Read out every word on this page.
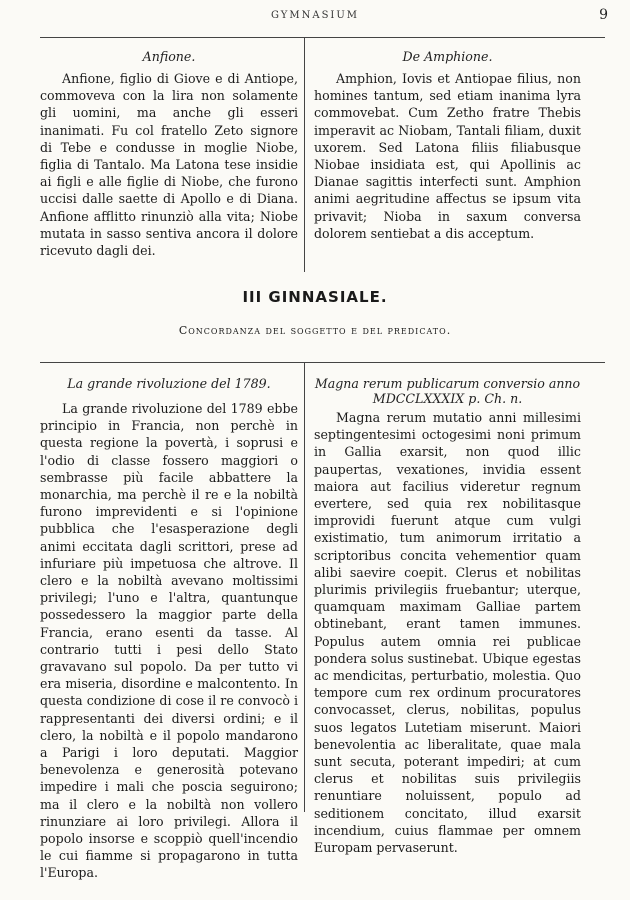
GYMNASIUM	9
Anfione.

Anfione, figlio di Giove e di Antiope, commoveva con la lira non solamente gli uomini, ma anche gli esseri inanimati. Fu col fratello Zeto signore di Tebe e condusse in moglie Niobe, figlia di Tantalo. Ma Latona tese insidie ai figli e alle figlie di Niobe, che furono uccisi dalle saette di Apollo e di Diana. Anfione afflitto rinunziò alla vita; Niobe mutata in sasso sentiva ancora il dolore ricevuto dagli dei.

De Amphione.

Amphion, Iovis et Antiopae filius, non homines tantum, sed etiam inanima lyra commovebat. Cum Zetho fratre Thebis imperavit ac Niobam, Tantali filiam, duxit uxorem. Sed Latona filiis filiabusque Niobae insidiata est, qui Apollinis ac Dianae sagittis interfecti sunt. Amphion animi aegritudine affectus se ipsum vita privavit; Nioba in saxum conversa dolorem sentiebat a dis acceptum.

III GINNASIALE.
Concordanza del soggetto e del predicato.
La grande rivoluzione del 1789.

La grande rivoluzione del 1789 ebbe principio in Francia, non perchè in questa regione la povertà, i soprusi e l'odio di classe fossero maggiori o sembrasse più facile abbattere la monarchia, ma perchè il re e la nobiltà furono imprevidenti e si l'opinione pubblica che l'esasperazione degli animi eccitata dagli scrittori, prese ad infuriare più impetuosa che altrove. Il clero e la nobiltà avevano moltissimi privilegi; l'uno e l'altra, quantunque possedessero la maggior parte della Francia, erano esenti da tasse. Al contrario tutti i pesi dello Stato gravavano sul popolo. Da per tutto vi era miseria, disordine e malcontento. In questa condizione di cose il re convocò i rappresentanti dei diversi ordini; e il clero, la nobiltà e il popolo mandarono a Parigi i loro deputati. Maggior benevolenza e generosità potevano impedire i mali che poscia seguirono; ma il clero e la nobiltà non vollero rinunziare ai loro privilegi. Allora il popolo insorse e scoppiò quell'incendio le cui fiamme si propagarono in tutta l'Europa.

Magna rerum publicarum conversio anno MDCCLXXXIX p. Ch. n.

Magna rerum mutatio anni millesimi septingentesimi octogesimi noni primum in Gallia exarsit, non quod illic paupertas, vexationes, invidia essent maiora aut facilius videretur regnum evertere, sed quia rex nobilitasque improvidi fuerunt atque cum vulgi existimatio, tum animorum irritatio a scriptoribus concita vehementior quam alibi saevire coepit. Clerus et nobilitas plurimis privilegiis fruebantur; uterque, quamquam maximam Galliae partem obtinebant, erant tamen immunes. Populus autem omnia rei publicae pondera solus sustinebat. Ubique egestas ac mendicitas, perturbatio, molestia. Quo tempore cum rex ordinum procuratores convocasset, clerus, nobilitas, populus suos legatos Lutetiam miserunt. Maiori benevolentia ac liberalitate, quae mala sunt secuta, poterant impediri; at cum clerus et nobilitas suis privilegiis renuntiare noluissent, populo ad seditionem concitato, illud exarsit incendium, cuius flammae per omnem Europam pervaserunt.
